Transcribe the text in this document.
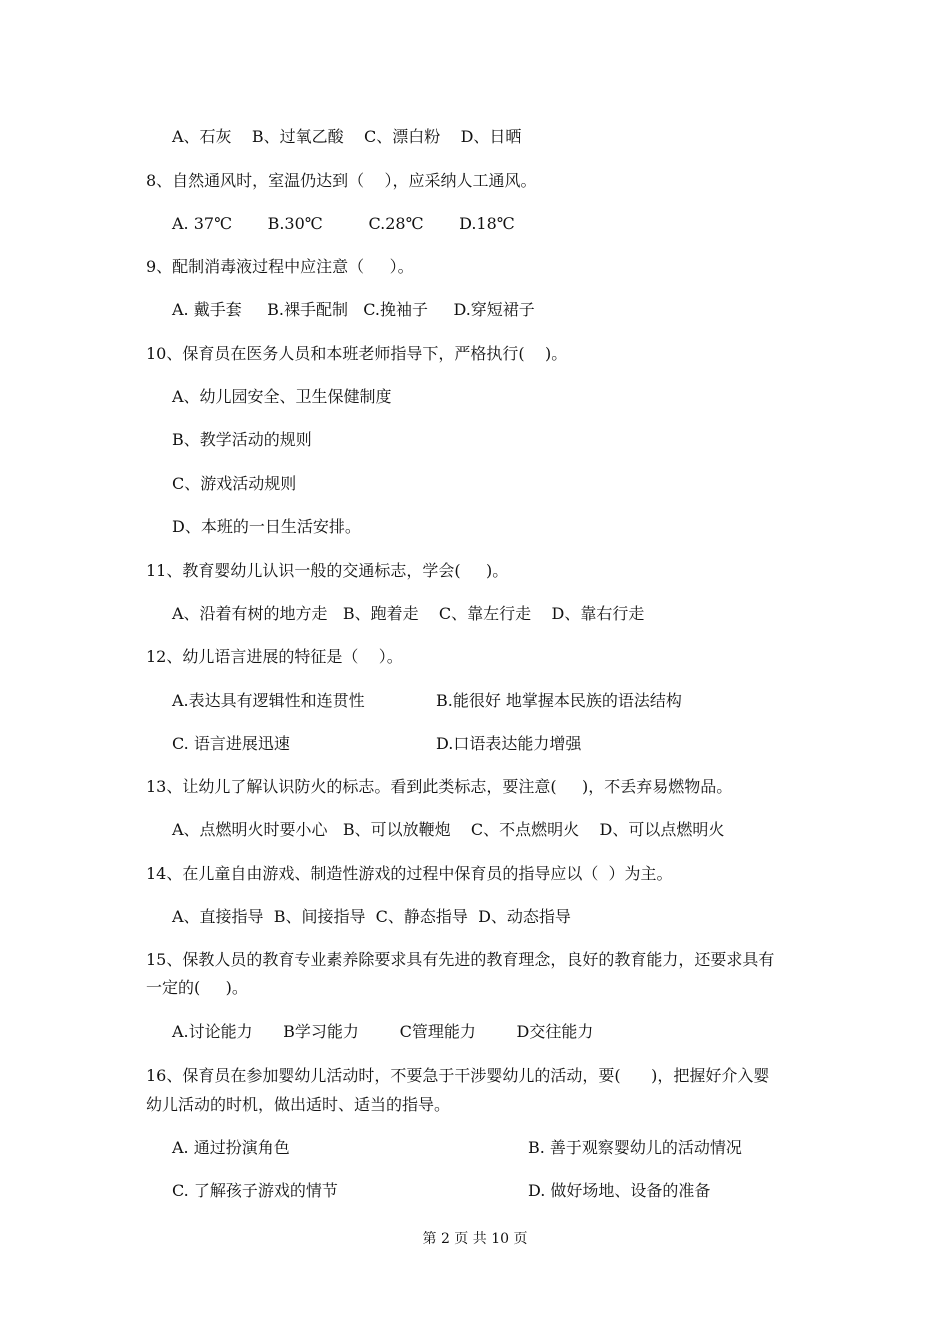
A、石灰    B、过氧乙酸    C、漂白粉    D、日晒
8、自然通风时，室温仍达到（    ），应采纳人工通风。
A. 37℃       B.30℃         C.28℃       D.18℃
9、配制消毒液过程中应注意（     ）。
A. 戴手套     B.裸手配制   C.挽袖子     D.穿短裙子
10、保育员在医务人员和本班老师指导下，严格执行(    )。
A、幼儿园安全、卫生保健制度
B、教学活动的规则
C、游戏活动规则
D、本班的一日生活安排。
11、教育婴幼儿认识一般的交通标志，学会(     )。
A、沿着有树的地方走   B、跑着走    C、靠左行走    D、靠右行走
12、幼儿语言进展的特征是（    ）。
A.表达具有逻辑性和连贯性	B.能很好 地掌握本民族的语法结构
C. 语言进展迅速	D.口语表达能力增强
13、让幼儿了解认识防火的标志。看到此类标志，要注意(     )，不丢弃易燃物品。
A、点燃明火时要小心   B、可以放鞭炮    C、不点燃明火    D、可以点燃明火
14、在儿童自由游戏、制造性游戏的过程中保育员的指导应以（  ）为主。
A、直接指导  B、间接指导  C、静态指导  D、动态指导
15、保教人员的教育专业素养除要求具有先进的教育理念，良好的教育能力，还要求具有
一定的(     )。
A.讨论能力      B学习能力        C管理能力        D交往能力
16、保育员在参加婴幼儿活动时，不要急于干涉婴幼儿的活动，要(      )，把握好介入婴
幼儿活动的时机，做出适时、适当的指导。
A. 通过扮演角色	B. 善于观察婴幼儿的活动情况
C. 了解孩子游戏的情节	D. 做好场地、设备的准备
第 2 页 共 10 页
